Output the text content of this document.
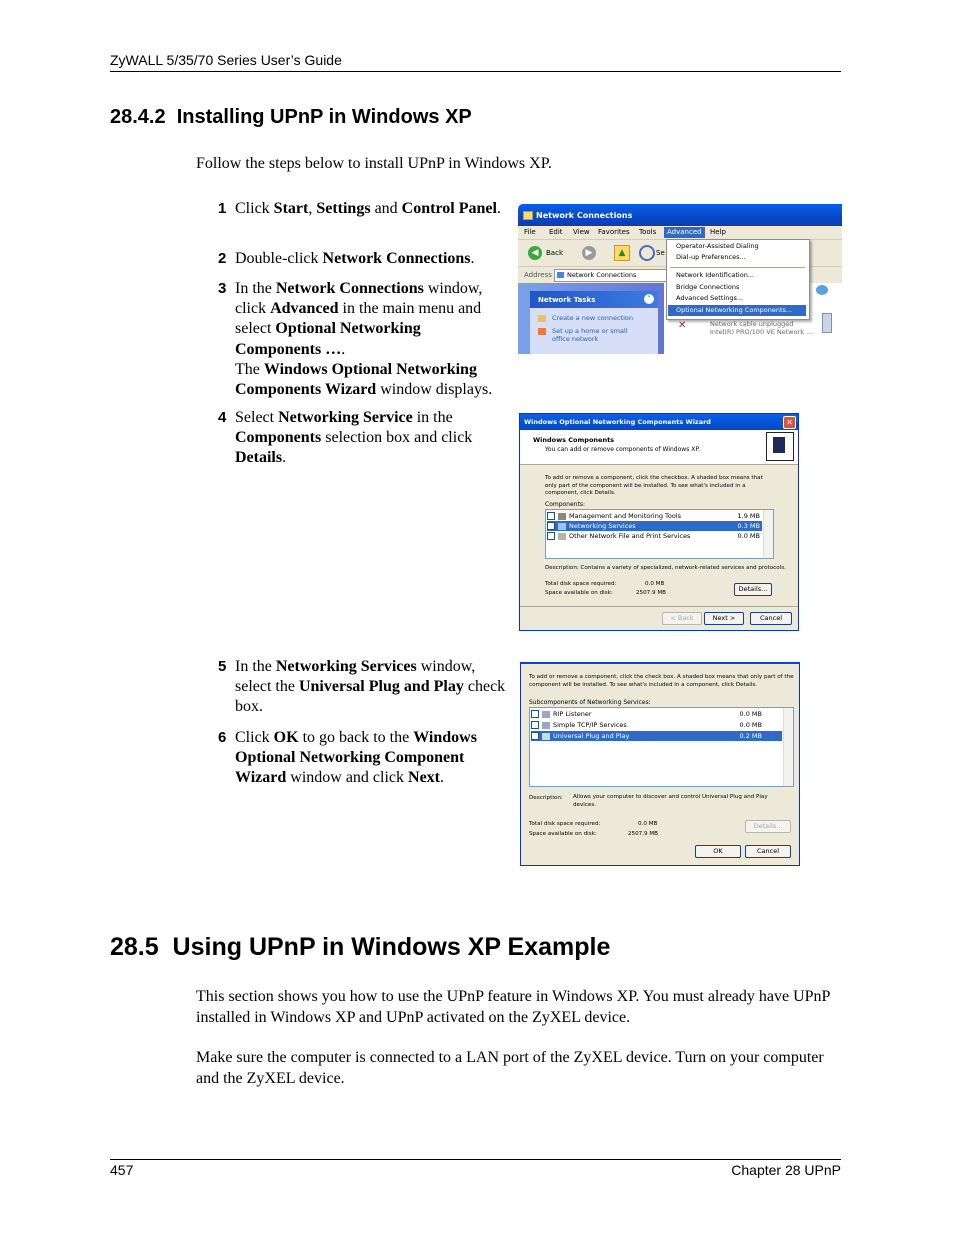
ZyWALL 5/35/70 Series User’s Guide
28.4.2  Installing UPnP in Windows XP
Follow the steps below to install UPnP in Windows XP.
1 Click Start, Settings and Control Panel.
2 Double-click Network Connections.
3 In the Network Connections window, click Advanced in the main menu and select Optional Networking Components ….
The Windows Optional Networking Components Wizard window displays.
4 Select Networking Service in the Components selection box and click Details.
5 In the Networking Services window, select the Universal Plug and Play check box.
6 Click OK to go back to the Windows Optional Networking Component Wizard window and click Next.
Network Connections
File Edit View Favorites Tools	Advanced	Help
◀	Back	▶	▲	Se
Address Network Connections
Network Tasks	˄
Create a new connection
Set up a home or small
office network
✕	Network cable unplugged
Intel(R) PRO/100 VE Network ...
Operator-Assisted Dialing
Dial-up Preferences...
Network Identification...
Bridge Connections
Advanced Settings...
Optional Networking Components...
Windows Optional Networking Components Wizard	✕
Windows Components
You can add or remove components of Windows XP.
To add or remove a component, click the checkbox. A shaded box means that only part of the component will be installed. To see what's included in a component, click Details.
Components:
Management and Monitoring Tools	1.9 MB
Networking Services	0.3 MB
Other Network File and Print Services	0.0 MB
Description: Contains a variety of specialized, network-related services and protocols.
Total disk space required:	0.0 MB
Space available on disk:	2507.9 MB	Details...
< Back	Next >	Cancel
To add or remove a component, click the check box. A shaded box means that only part of the component will be installed. To see what's included in a component, click Details.
Subcomponents of Networking Services:
RIP Listener	0.0 MB
Simple TCP/IP Services	0.0 MB
Universal Plug and Play	0.2 MB
Description: Allows your computer to discover and control Universal Plug and Play devices.
Total disk space required:	0.0 MB
Space available on disk:	2507.9 MB
Details...
OK	Cancel
28.5  Using UPnP in Windows XP Example
This section shows you how to use the UPnP feature in Windows XP. You must already have UPnP installed in Windows XP and UPnP activated on the ZyXEL device.
Make sure the computer is connected to a LAN port of the ZyXEL device. Turn on your computer and the ZyXEL device.
457	Chapter 28 UPnP
